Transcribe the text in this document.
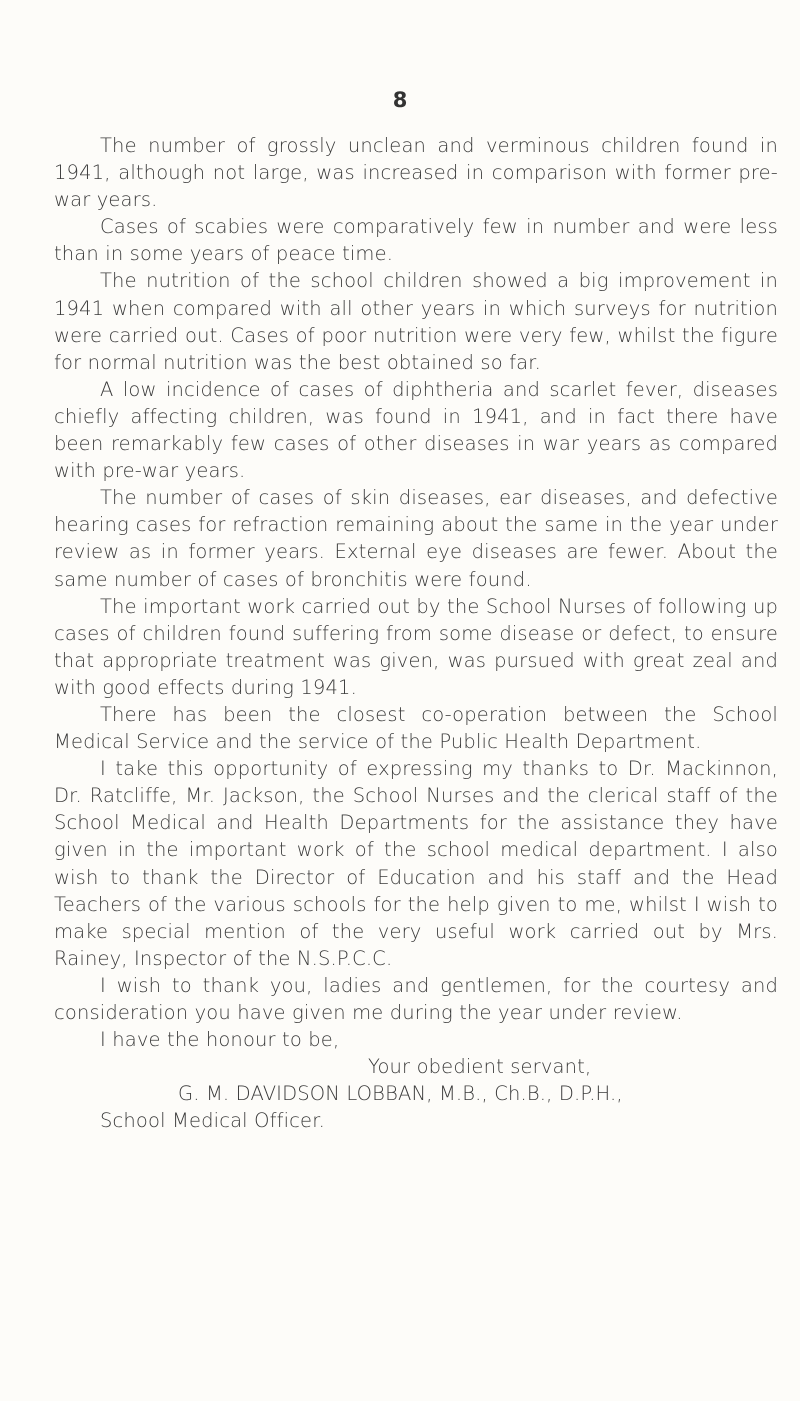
8

The number of grossly unclean and verminous children found in 1941, although not large, was increased in comparison with former pre-war years.

Cases of scabies were comparatively few in number and were less than in some years of peace time.

The nutrition of the school children showed a big improvement in 1941 when compared with all other years in which surveys for nutrition were carried out. Cases of poor nutrition were very few, whilst the figure for normal nutrition was the best obtained so far.

A low incidence of cases of diphtheria and scarlet fever, diseases chiefly affecting children, was found in 1941, and in fact there have been remarkably few cases of other diseases in war years as compared with pre-war years.

The number of cases of skin diseases, ear diseases, and defective hearing cases for refraction remaining about the same in the year under review as in former years. External eye diseases are fewer. About the same number of cases of bronchitis were found.

The important work carried out by the School Nurses of following up cases of children found suffering from some disease or defect, to ensure that appropriate treatment was given, was pursued with great zeal and with good effects during 1941.

There has been the closest co-operation between the School Medical Service and the service of the Public Health Department.

I take this opportunity of expressing my thanks to Dr. Mackinnon, Dr. Ratcliffe, Mr. Jackson, the School Nurses and the clerical staff of the School Medical and Health Departments for the assistance they have given in the important work of the school medical department. I also wish to thank the Director of Education and his staff and the Head Teachers of the various schools for the help given to me, whilst I wish to make special mention of the very useful work carried out by Mrs. Rainey, Inspector of the N.S.P.C.C.

I wish to thank you, ladies and gentlemen, for the courtesy and consideration you have given me during the year under review.

I have the honour to be,

Your obedient servant,

G. M. DAVIDSON LOBBAN, M.B., Ch.B., D.P.H.,

School Medical Officer.
